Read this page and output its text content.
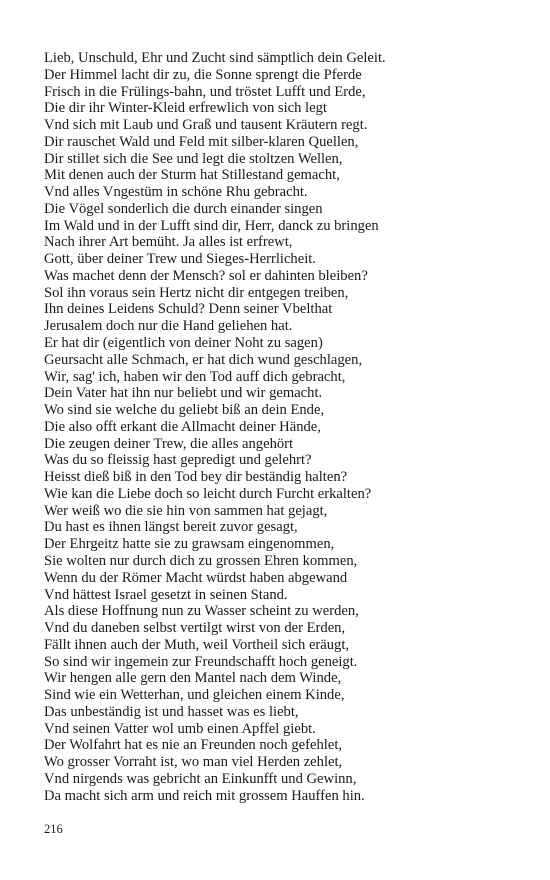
Lieb, Unschuld, Ehr und Zucht sind sämptlich dein Geleit.
Der Himmel lacht dir zu, die Sonne sprengt die Pferde
Frisch in die Frülings-bahn, und tröstet Lufft und Erde,
Die dir ihr Winter-Kleid erfrewlich von sich legt
Vnd sich mit Laub und Graß und tausent Kräutern regt.
Dir rauschet Wald und Feld mit silber-klaren Quellen,
Dir stillet sich die See und legt die stoltzen Wellen,
Mit denen auch der Sturm hat Stillestand gemacht,
Vnd alles Vngestüm in schöne Rhu gebracht.
Die Vögel sonderlich die durch einander singen
Im Wald und in der Lufft sind dir, Herr, danck zu bringen
Nach ihrer Art bemüht. Ja alles ist erfrewt,
Gott, über deiner Trew und Sieges-Herrlicheit.
Was machet denn der Mensch? sol er dahinten bleiben?
Sol ihn voraus sein Hertz nicht dir entgegen treiben,
Ihn deines Leidens Schuld? Denn seiner Vbelthat
Jerusalem doch nur die Hand geliehen hat.
Er hat dir (eigentlich von deiner Noht zu sagen)
Geursacht alle Schmach, er hat dich wund geschlagen,
Wir, sag' ich, haben wir den Tod auff dich gebracht,
Dein Vater hat ihn nur beliebt und wir gemacht.
Wo sind sie welche du geliebt biß an dein Ende,
Die also offt erkant die Allmacht deiner Hände,
Die zeugen deiner Trew, die alles angehört
Was du so fleissig hast gepredigt und gelehrt?
Heisst dieß biß in den Tod bey dir beständig halten?
Wie kan die Liebe doch so leicht durch Furcht erkalten?
Wer weiß wo die sie hin von sammen hat gejagt,
Du hast es ihnen längst bereit zuvor gesagt,
Der Ehrgeitz hatte sie zu grawsam eingenommen,
Sie wolten nur durch dich zu grossen Ehren kommen,
Wenn du der Römer Macht würdst haben abgewand
Vnd hättest Israel gesetzt in seinen Stand.
Als diese Hoffnung nun zu Wasser scheint zu werden,
Vnd du daneben selbst vertilgt wirst von der Erden,
Fällt ihnen auch der Muth, weil Vortheil sich eräugt,
So sind wir ingemein zur Freundschafft hoch geneigt.
Wir hengen alle gern den Mantel nach dem Winde,
Sind wie ein Wetterhan, und gleichen einem Kinde,
Das unbeständig ist und hasset was es liebt,
Vnd seinen Vatter wol umb einen Apffel giebt.
Der Wolfahrt hat es nie an Freunden noch gefehlet,
Wo grosser Vorraht ist, wo man viel Herden zehlet,
Vnd nirgends was gebricht an Einkunfft und Gewinn,
Da macht sich arm und reich mit grossem Hauffen hin.
216
